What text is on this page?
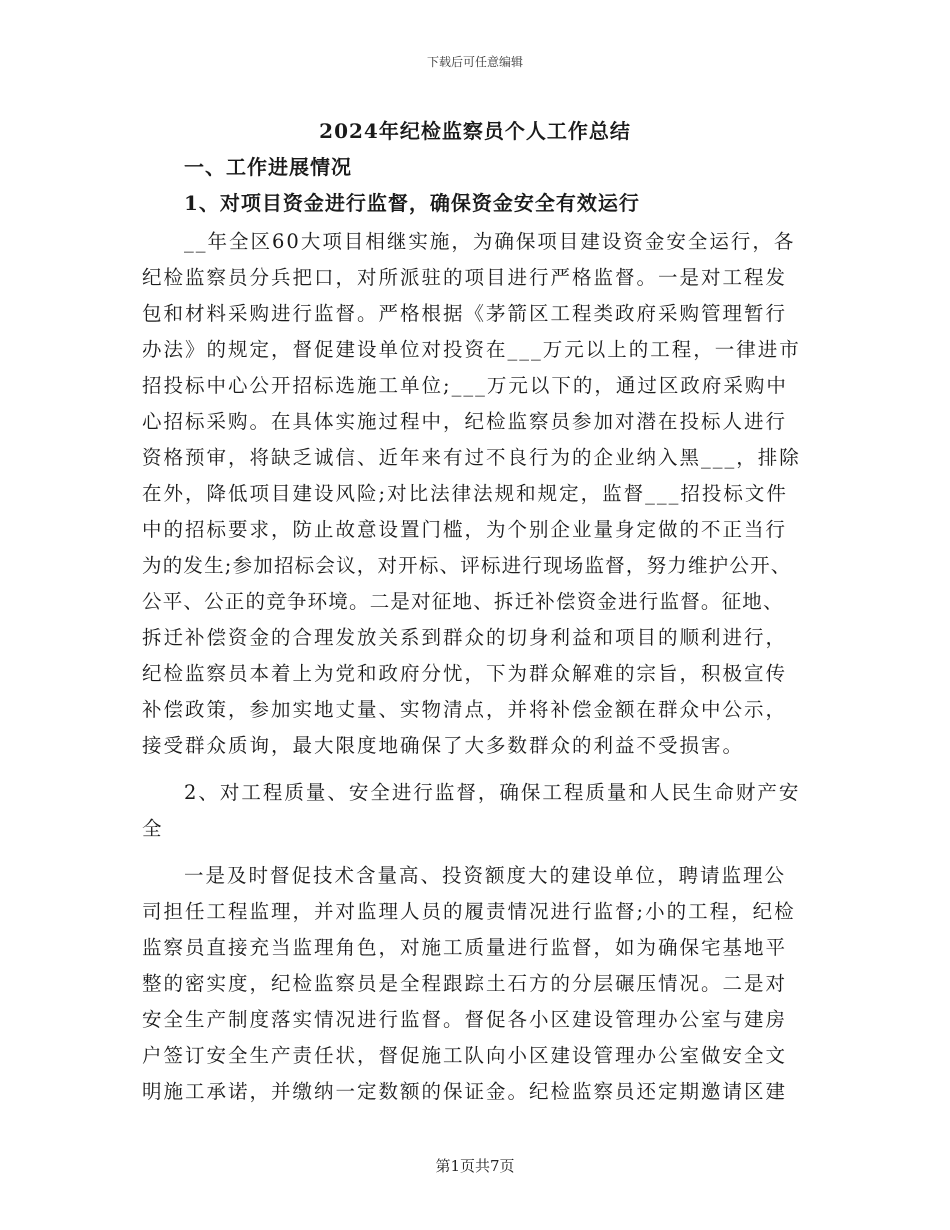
下载后可任意编辑
2024年纪检监察员个人工作总结
一、工作进展情况
1、对项目资金进行监督，确保资金安全有效运行
__年全区60大项目相继实施，为确保项目建设资金安全运行，各
纪检监察员分兵把口，对所派驻的项目进行严格监督。一是对工程发
包和材料采购进行监督。严格根据《茅箭区工程类政府采购管理暂行
办法》的规定，督促建设单位对投资在___万元以上的工程，一律进市
招投标中心公开招标选施工单位;___万元以下的，通过区政府采购中
心招标采购。在具体实施过程中，纪检监察员参加对潜在投标人进行
资格预审，将缺乏诚信、近年来有过不良行为的企业纳入黑___，排除
在外，降低项目建设风险;对比法律法规和规定，监督___招投标文件
中的招标要求，防止故意设置门槛，为个别企业量身定做的不正当行
为的发生;参加招标会议，对开标、评标进行现场监督，努力维护公开、
公平、公正的竞争环境。二是对征地、拆迁补偿资金进行监督。征地、
拆迁补偿资金的合理发放关系到群众的切身利益和项目的顺利进行，
纪检监察员本着上为党和政府分忧，下为群众解难的宗旨，积极宣传
补偿政策，参加实地丈量、实物清点，并将补偿金额在群众中公示，
接受群众质询，最大限度地确保了大多数群众的利益不受损害。
2、对工程质量、安全进行监督，确保工程质量和人民生命财产安
全
一是及时督促技术含量高、投资额度大的建设单位，聘请监理公
司担任工程监理，并对监理人员的履责情况进行监督;小的工程，纪检
监察员直接充当监理角色，对施工质量进行监督，如为确保宅基地平
整的密实度，纪检监察员是全程跟踪土石方的分层碾压情况。二是对
安全生产制度落实情况进行监督。督促各小区建设管理办公室与建房
户签订安全生产责任状，督促施工队向小区建设管理办公室做安全文
明施工承诺，并缴纳一定数额的保证金。纪检监察员还定期邀请区建
第1页共7页
